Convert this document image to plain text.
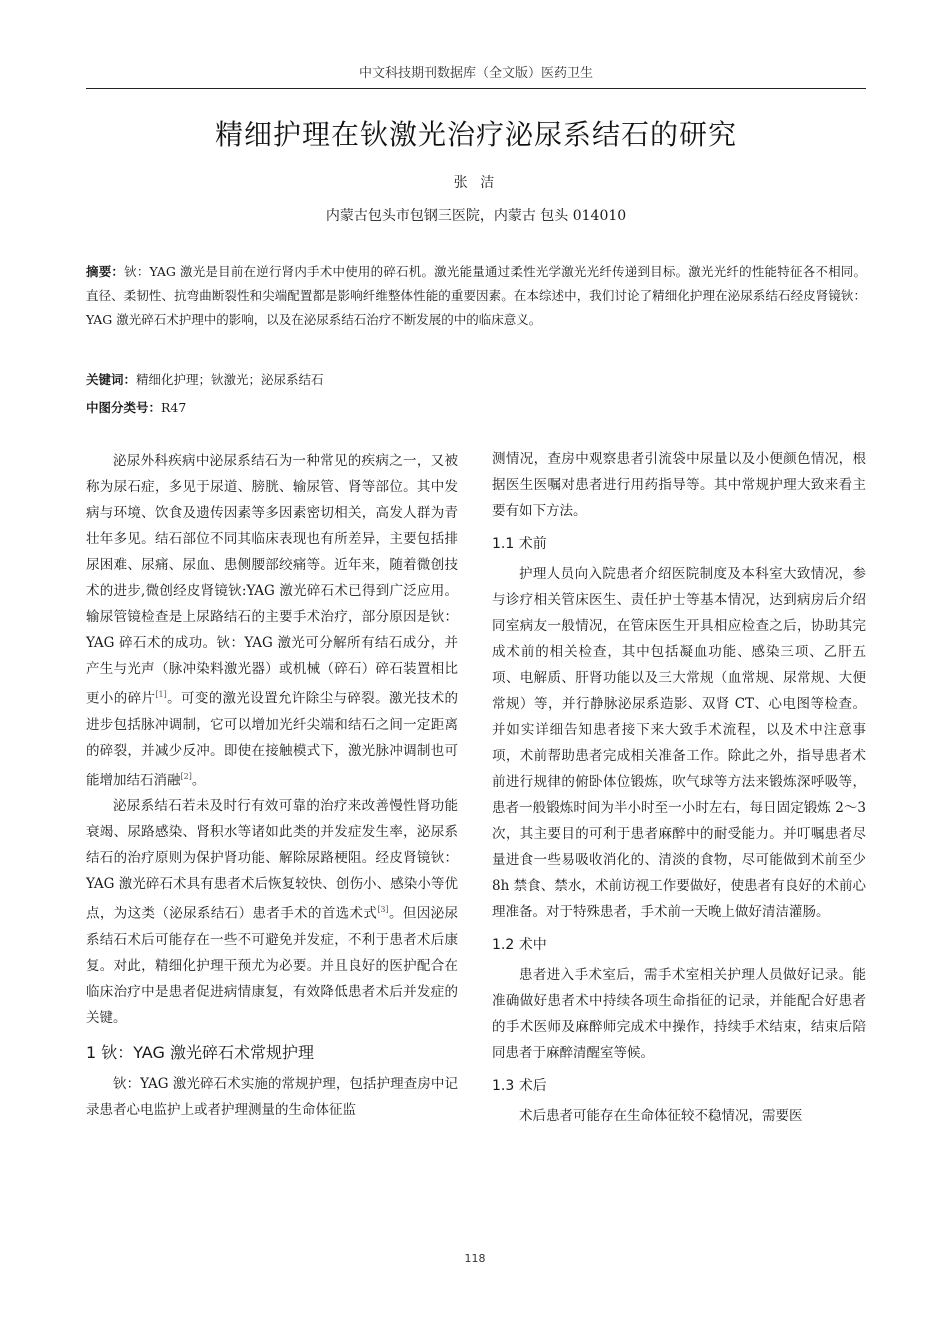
中文科技期刊数据库（全文版）医药卫生
精细护理在钬激光治疗泌尿系结石的研究
张 洁
内蒙古包头市包钢三医院，内蒙古 包头 014010
摘要：钬：YAG 激光是目前在逆行肾内手术中使用的碎石机。激光能量通过柔性光学激光光纤传递到目标。激光光纤的性能特征各不相同。直径、柔韧性、抗弯曲断裂性和尖端配置都是影响纤维整体性能的重要因素。在本综述中，我们讨论了精细化护理在泌尿系结石经皮肾镜钬：YAG 激光碎石术护理中的影响，以及在泌尿系结石治疗不断发展的中的临床意义。
关键词：精细化护理；钬激光；泌尿系结石
中图分类号：R47

泌尿外科疾病中泌尿系结石为一种常见的疾病之一，又被称为尿石症，多见于尿道、膀胱、输尿管、肾等部位。其中发病与环境、饮食及遗传因素等多因素密切相关，高发人群为青壮年多见。结石部位不同其临床表现也有所差异，主要包括排尿困难、尿痛、尿血、患侧腰部绞痛等。近年来，随着微创技术的进步,微创经皮肾镜钬:YAG 激光碎石术已得到广泛应用。输尿管镜检查是上尿路结石的主要手术治疗，部分原因是钬：YAG 碎石术的成功。钬：YAG 激光可分解所有结石成分，并产生与光声（脉冲染料激光器）或机械（碎石）碎石装置相比更小的碎片[1]。可变的激光设置允许除尘与碎裂。激光技术的进步包括脉冲调制，它可以增加光纤尖端和结石之间一定距离的碎裂，并减少反冲。即使在接触模式下，激光脉冲调制也可能增加结石消融[2]。

泌尿系结石若未及时行有效可靠的治疗来改善慢性肾功能衰竭、尿路感染、肾积水等诸如此类的并发症发生率，泌尿系结石的治疗原则为保护肾功能、解除尿路梗阻。经皮肾镜钬：YAG 激光碎石术具有患者术后恢复较快、创伤小、感染小等优点，为这类（泌尿系结石）患者手术的首选术式[3]。但因泌尿系结石术后可能存在一些不可避免并发症，不利于患者术后康复。对此，精细化护理干预尤为必要。并且良好的医护配合在临床治疗中是患者促进病情康复，有效降低患者术后并发症的关键。

1 钬：YAG 激光碎石术常规护理

钬：YAG 激光碎石术实施的常规护理，包括护理查房中记录患者心电监护上或者护理测量的生命体征监

测情况，查房中观察患者引流袋中尿量以及小便颜色情况，根据医生医嘱对患者进行用药指导等。其中常规护理大致来看主要有如下方法。

1.1 术前

护理人员向入院患者介绍医院制度及本科室大致情况，参与诊疗相关管床医生、责任护士等基本情况，达到病房后介绍同室病友一般情况，在管床医生开具相应检查之后，协助其完成术前的相关检查，其中包括凝血功能、感染三项、乙肝五项、电解质、肝肾功能以及三大常规（血常规、尿常规、大便常规）等，并行静脉泌尿系造影、双肾 CT、心电图等检查。并如实详细告知患者接下来大致手术流程，以及术中注意事项，术前帮助患者完成相关准备工作。除此之外，指导患者术前进行规律的俯卧体位锻炼，吹气球等方法来锻炼深呼吸等，患者一般锻炼时间为半小时至一小时左右，每日固定锻炼 2～3 次，其主要目的可利于患者麻醉中的耐受能力。并叮嘱患者尽量进食一些易吸收消化的、清淡的食物，尽可能做到术前至少 8h 禁食、禁水，术前访视工作要做好，使患者有良好的术前心理准备。对于特殊患者，手术前一天晚上做好清洁灌肠。

1.2 术中

患者进入手术室后，需手术室相关护理人员做好记录。能准确做好患者术中持续各项生命指征的记录，并能配合好患者的手术医师及麻醉师完成术中操作，持续手术结束，结束后陪同患者于麻醉清醒室等候。

1.3 术后

术后患者可能存在生命体征较不稳情况，需要医

118
